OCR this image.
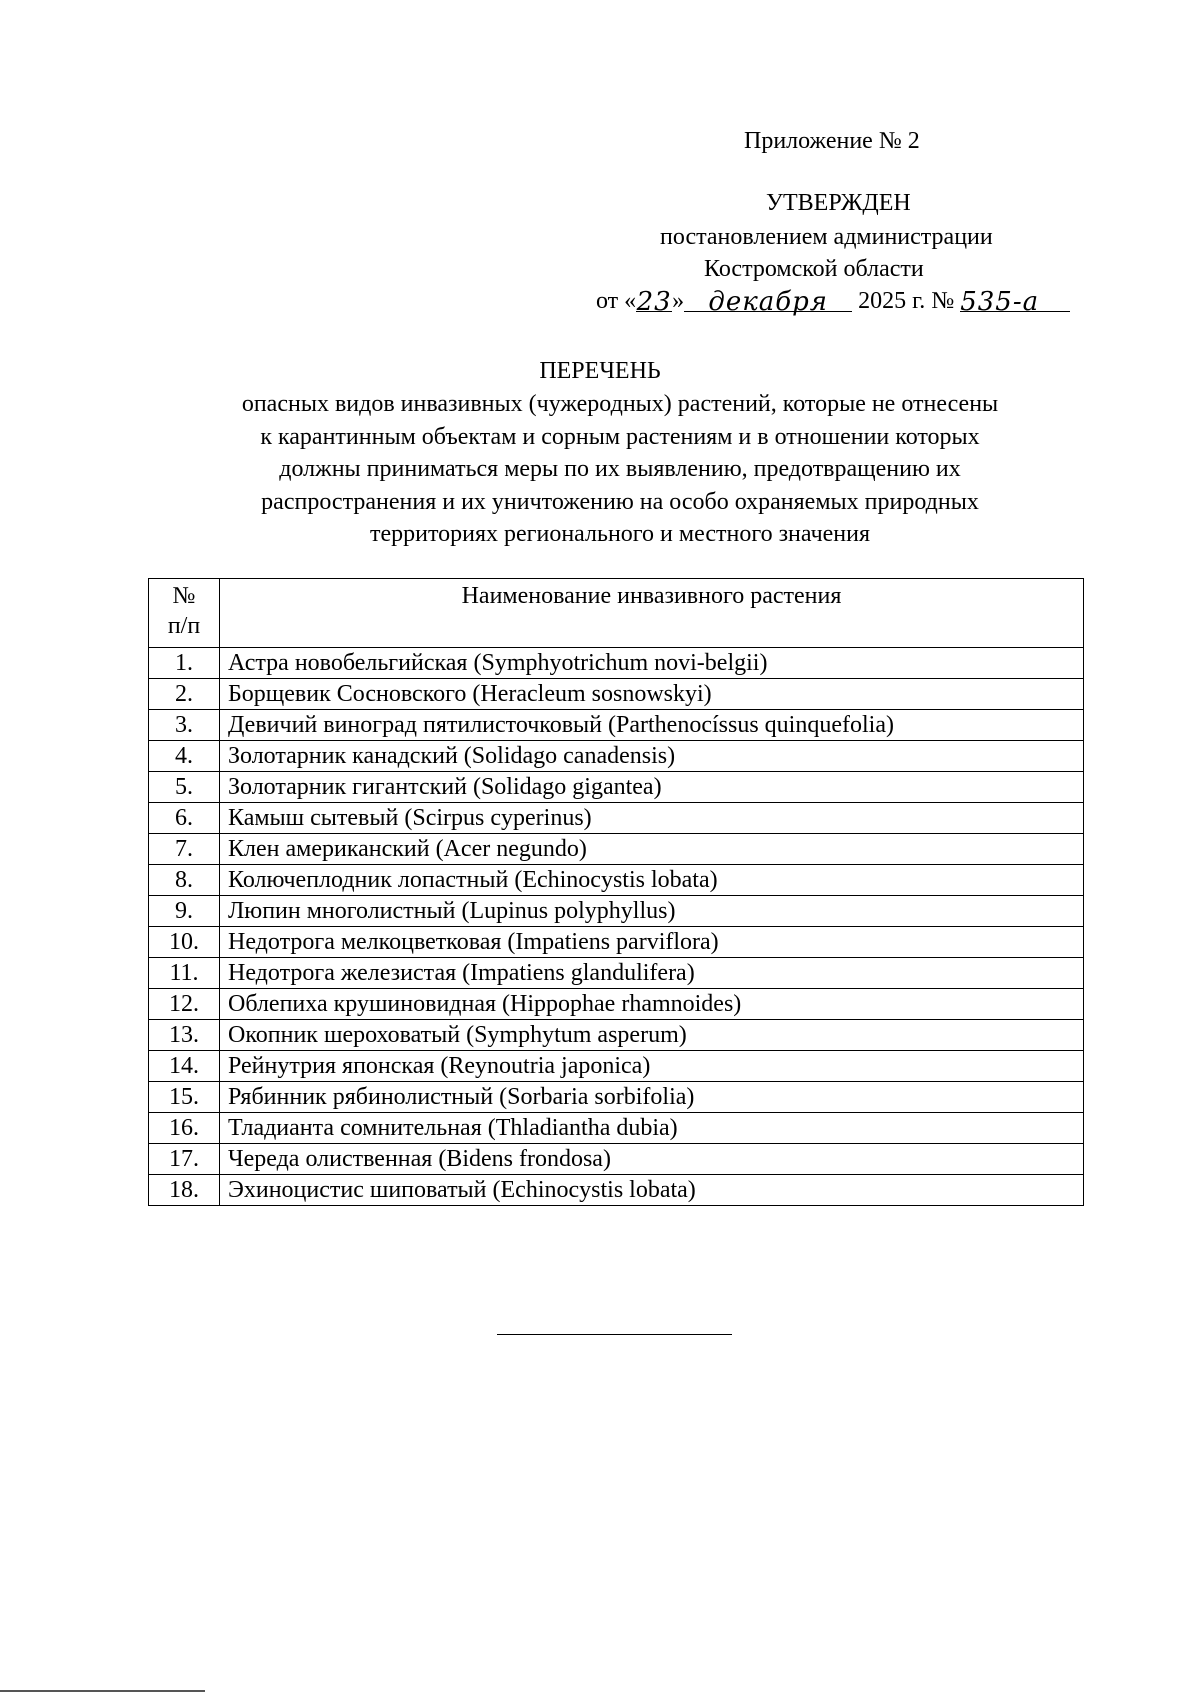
Приложение № 2
УТВЕРЖДЕН
постановлением администрации
Костромской области
от «23» декабря 2025 г. № 535-а
ПЕРЕЧЕНЬ
опасных видов инвазивных (чужеродных) растений, которые не отнесены
к карантинным объектам и сорным растениям и в отношении которых
должны приниматься меры по их выявлению, предотвращению их
распространения и их уничтожению на особо охраняемых природных
территориях регионального и местного значения
№
п/п	Наименование инвазивного растения
1.	Астра новобельгийская (Symphyotrichum novi-belgii)
2.	Борщевик Сосновского (Heracleum sosnowskyi)
3.	Девичий виноград пятилисточковый (Parthenocíssus quinquefolia)
4.	Золотарник канадский (Solidago canadensis)
5.	Золотарник гигантский (Solidago gigantea)
6.	Камыш сытевый (Scirpus cyperinus)
7.	Клен американский (Acer negundo)
8.	Колючеплодник лопастный (Echinocystis lobata)
9.	Люпин многолистный (Lupinus polyphyllus)
10.	Недотрога мелкоцветковая (Impatiens parviflora)
11.	Недотрога железистая (Impatiens glandulifera)
12.	Облепиха крушиновидная (Hippophae rhamnoides)
13.	Окопник шероховатый (Symphytum asperum)
14.	Рейнутрия японская (Reynoutria japonica)
15.	Рябинник рябинолистный (Sorbaria sorbifolia)
16.	Тладианта сомнительная (Thladiantha dubia)
17.	Череда олиственная (Bidens frondosa)
18.	Эхиноцистис шиповатый (Echinocystis lobata)
